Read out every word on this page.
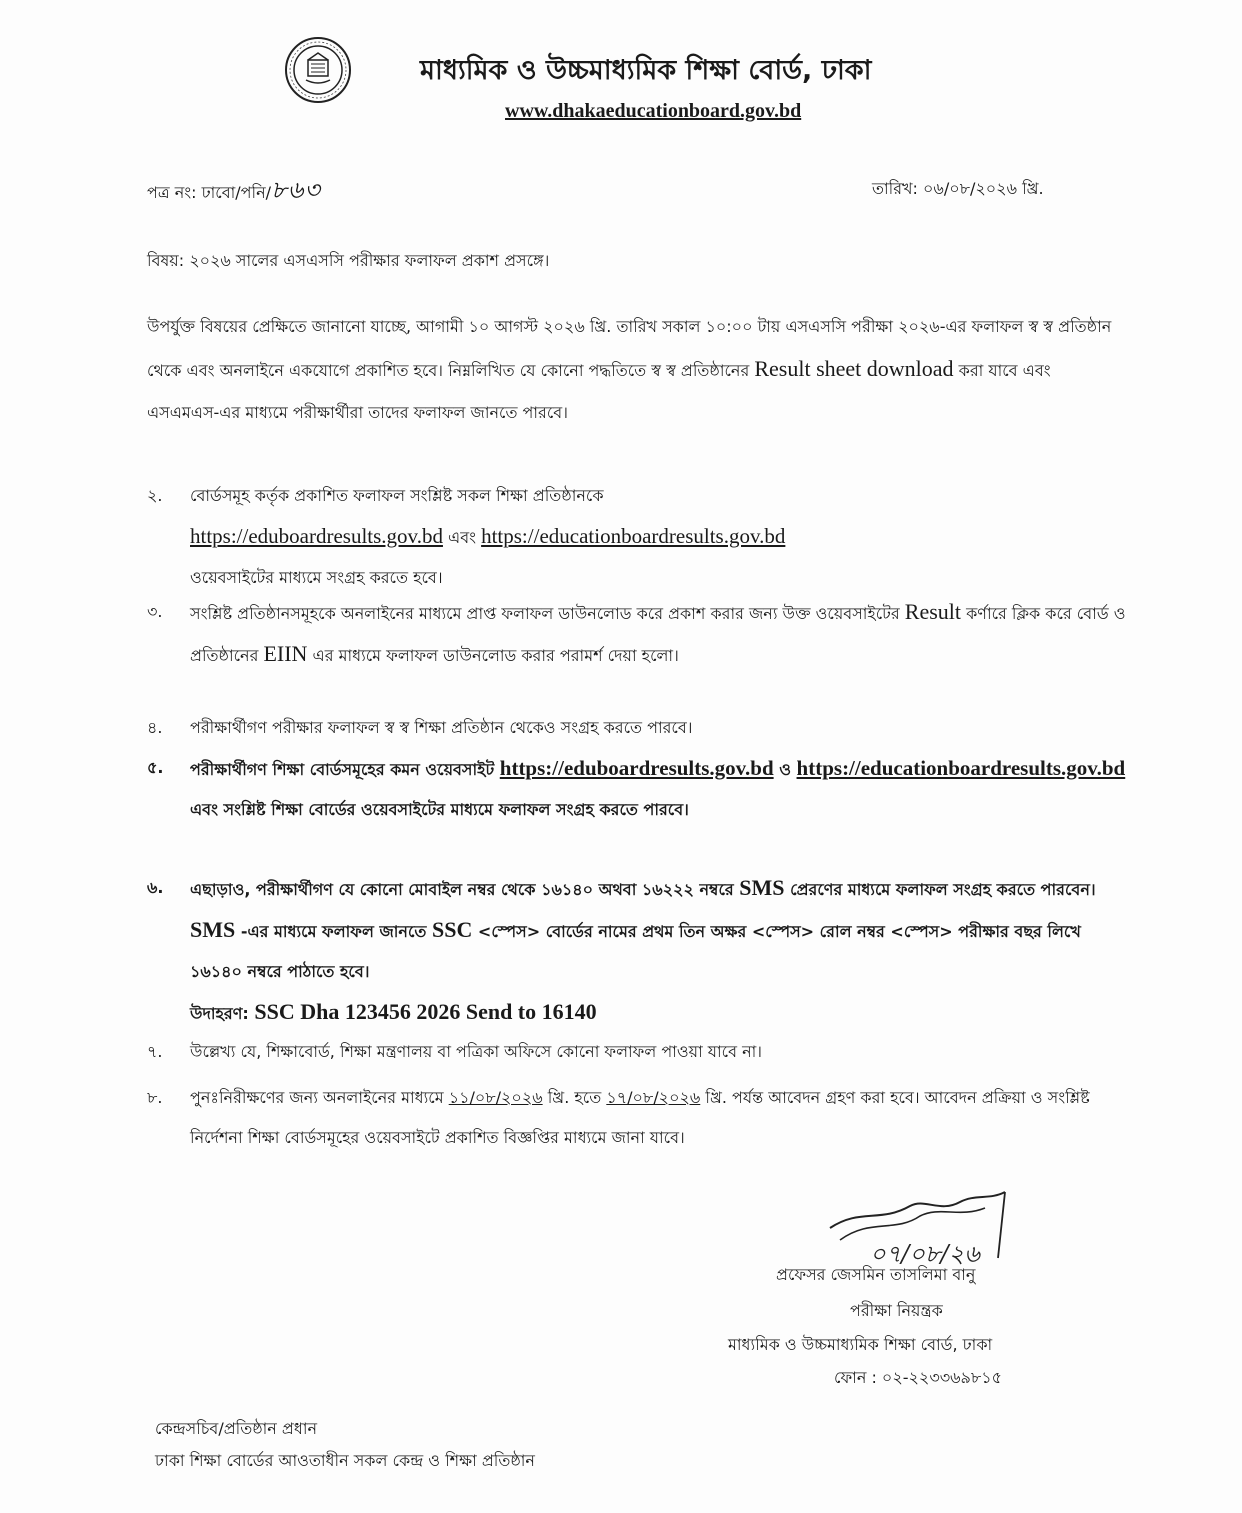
মাধ্যমিক ও উচ্চমাধ্যমিক শিক্ষা বোর্ড, ঢাকা
www.dhakaeducationboard.gov.bd
পত্র নং: ঢাবো/পনি/৮৬৩	তারিখ: ০৬/০৮/২০২৬ খ্রি.
বিষয়: ২০২৬ সালের এসএসসি পরীক্ষার ফলাফল প্রকাশ প্রসঙ্গে।
উপর্যুক্ত বিষয়ের প্রেক্ষিতে জানানো যাচ্ছে, আগামী ১০ আগস্ট ২০২৬ খ্রি. তারিখ সকাল ১০:০০ টায় এসএসসি পরীক্ষা ২০২৬-এর ফলাফল স্ব স্ব প্রতিষ্ঠান থেকে এবং অনলাইনে একযোগে প্রকাশিত হবে। নিম্নলিখিত যে কোনো পদ্ধতিতে স্ব স্ব প্রতিষ্ঠানের Result sheet download করা যাবে এবং এসএমএস-এর মাধ্যমে পরীক্ষার্থীরা তাদের ফলাফল জানতে পারবে।
২.	বোর্ডসমূহ কর্তৃক প্রকাশিত ফলাফল সংশ্লিষ্ট সকল শিক্ষা প্রতিষ্ঠানকে
https://eduboardresults.gov.bd এবং https://educationboardresults.gov.bd
ওয়েবসাইটের মাধ্যমে সংগ্রহ করতে হবে।
৩.	সংশ্লিষ্ট প্রতিষ্ঠানসমূহকে অনলাইনের মাধ্যমে প্রাপ্ত ফলাফল ডাউনলোড করে প্রকাশ করার জন্য উক্ত ওয়েবসাইটের Result কর্ণারে ক্লিক করে বোর্ড ও প্রতিষ্ঠানের EIIN এর মাধ্যমে ফলাফল ডাউনলোড করার পরামর্শ দেয়া হলো।
৪.	পরীক্ষার্থীগণ পরীক্ষার ফলাফল স্ব স্ব শিক্ষা প্রতিষ্ঠান থেকেও সংগ্রহ করতে পারবে।
৫.	পরীক্ষার্থীগণ শিক্ষা বোর্ডসমূহের কমন ওয়েবসাইট https://eduboardresults.gov.bd ও https://educationboardresults.gov.bd এবং সংশ্লিষ্ট শিক্ষা বোর্ডের ওয়েবসাইটের মাধ্যমে ফলাফল সংগ্রহ করতে পারবে।
৬.	এছাড়াও, পরীক্ষার্থীগণ যে কোনো মোবাইল নম্বর থেকে ১৬১৪০ অথবা ১৬২২২ নম্বরে SMS প্রেরণের মাধ্যমে ফলাফল সংগ্রহ করতে পারবেন। SMS -এর মাধ্যমে ফলাফল জানতে SSC <স্পেস> বোর্ডের নামের প্রথম তিন অক্ষর <স্পেস> রোল নম্বর <স্পেস> পরীক্ষার বছর লিখে ১৬১৪০ নম্বরে পাঠাতে হবে।
উদাহরণ: SSC Dha 123456 2026 Send to 16140
৭.	উল্লেখ্য যে, শিক্ষাবোর্ড, শিক্ষা মন্ত্রণালয় বা পত্রিকা অফিসে কোনো ফলাফল পাওয়া যাবে না।
৮.	পুনঃনিরীক্ষণের জন্য অনলাইনের মাধ্যমে ১১/০৮/২০২৬ খ্রি. হতে ১৭/০৮/২০২৬ খ্রি. পর্যন্ত আবেদন গ্রহণ করা হবে। আবেদন প্রক্রিয়া ও সংশ্লিষ্ট নির্দেশনা শিক্ষা বোর্ডসমূহের ওয়েবসাইটে প্রকাশিত বিজ্ঞপ্তির মাধ্যমে জানা যাবে।
০৭/০৮/২৬
প্রফেসর জেসমিন তাসলিমা বানু
পরীক্ষা নিয়ন্ত্রক
মাধ্যমিক ও উচ্চমাধ্যমিক শিক্ষা বোর্ড, ঢাকা
ফোন : ০২-২২৩৩৬৯৮১৫
কেন্দ্রসচিব/প্রতিষ্ঠান প্রধান
ঢাকা শিক্ষা বোর্ডের আওতাধীন সকল কেন্দ্র ও শিক্ষা প্রতিষ্ঠান
